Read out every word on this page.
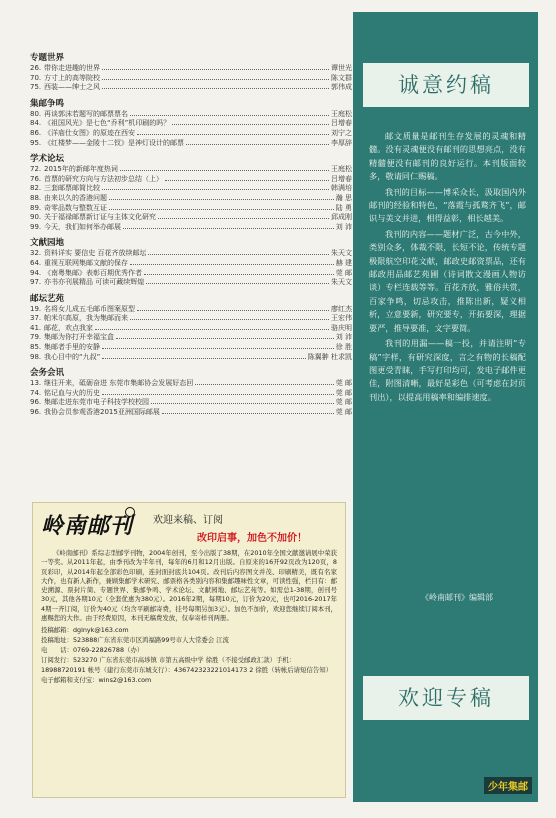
专题世界
26. 带你走进趣的世界	谭世光
70. 方寸上的高等院校	陈文群
75. 西装——绅士之风	郭伟成
集邮争鸣
80. 再谈郭沫若题写的邮票票名	王庭松
84. 《祖国风光》是七色“乔利”机印刷的吗？	吕增春
86. 《洋庙仕女图》的原迹在西安	刘宁之
95. 《红楼梦——金陵十二钗》是神灯设计的邮票	李厚辞
学术论坛
72. 2015年的新邮年度热词	王庭松
76. 首票的研究方向与方法初步总结（上）	吕增春
82. 三套邮票邮简比较	韩满培
88. 由来以久的香港问题	瀚 思
89. 奇零品数与整数互证	陆 勇
90. 关于福禄邮票新订证与主体文化研究	邱成刚
99. 今天，我们如何举办邮展	刘 沛
文献园地
32. 资料详实 要信史 百花齐放续邮坛	朱天文
64. 重视互联网集邮文献的保存	赫 建
94. 《南粤集邮》表彰百期优秀作者	莞 邮
97. 亦书亦刊展精品 可读可藏续辉煌	朱天文
邮坛艺苑
19. 名将女儿成五毛邮币图案原型	廖红杰
37. 帕米尔高原，我为集邮而来	王宏伟
41. 邮花，欢点我家	骆庆明
79. 集邮为你打开幸福宝盒	刘 沛
85. 集邮者手里的安静	徐 胜
98. 我心目中的“九叔”	陈翼翀 杜求凯
会务会讯
13. 继往开来，砥砺奋进 东莞市集邮协会发展好态回	莞 邮
74. 铭记血与火的历史	莞 邮
96. 集邮走进东莞市电子科技学校校园	莞 邮
96. 我协会员参观香港2015亚洲国际邮展	莞 邮
岭南邮刊 欢迎来稿、订阅
改印启事，加色不加价！

《岭南邮刊》系综志型邮学刊物，2004年创刊，至今出版了38期，在2010年全国文献邀请展中荣获一等奖。从2011年起，由季刊改为半年刊，每年的6月和12月出版。自原来的16开92页改为120页，8页彩印，从2014年起全部彩色印刷，连封面封底共104页。改刊后内容图文并茂、印刷精美，既有名家大作，也有新人新作，兼顾集邮学术研究、邮票格各类别内容和集邮趣味性文章，可读性强，栏目有：邮史溯源、票封片简、专题世界、集邮争鸣、学术论坛、文献园地、邮坛艺苑等。如需总1-38期，创刊号30元，其他各期10元（全套优惠为380元）。2016年2期，每期10元，订价为20元，也可2016-2017年4期一齐订阅，订价为40元（均含平刷邮寄费，挂号每期另加3元）。加色不加价，欢迎您继续订阅本刊，惠赐您的大作。由于经费原因，本刊无稿费发放，仅奉寄样刊两册。

投稿邮箱：dglnyk@163.com
投稿地址：523888广东省东莞市区鸿福路99号市人大常委会 江流
电　　话：0769-22826788（办）
订阅发行：523270 广东省东莞市高埗镇 市第五高级中学 徐胜（不接受邮政汇款）手机：18988720191 帐号（建行东莞市东城支行）：436742323221014173 2 徐胜（转帐后请短信告知）
电子邮箱和支付宝：wins2@163.com
诚意约稿

邮文质量是邮刊生存发展的灵魂和精髓。没有灵魂便没有邮刊的思想亮点，没有精髓便没有邮刊的良好运行。本刊版面较多，敬请同仁赐稿。

我刊的目标——博采众长，汲取国内外邮刊的经验和特色，“落霞与孤鹜齐飞”，邮识与美文并进，相得益彰，相长越美。

我刊的内容——题材广泛，古今中外，类别众多，体裁不限，长短不论，传统专题极限航空印花文献，邮政史邮资票品，还有邮政用品邮艺苑圃（诗词散文漫画人物访谈）专栏连载等等。百花齐放，雅俗共赏，百家争鸣，切忌攻击，推陈出新，疑义相析，立意要新，研究要专，开拓要深，理据要严，推导要准，文字要简。

我刊的用漏——稿一投，并请注明“专稿”字样，有研究深度，言之有物的长稿配图更受青睐，手写打印均可，发电子邮件更佳，附图清晰，最好是彩色（可考虑在封页刊出），以提高用稿率和编排速度。

《岭南邮刊》编辑部
欢迎专稿
少年集邮
